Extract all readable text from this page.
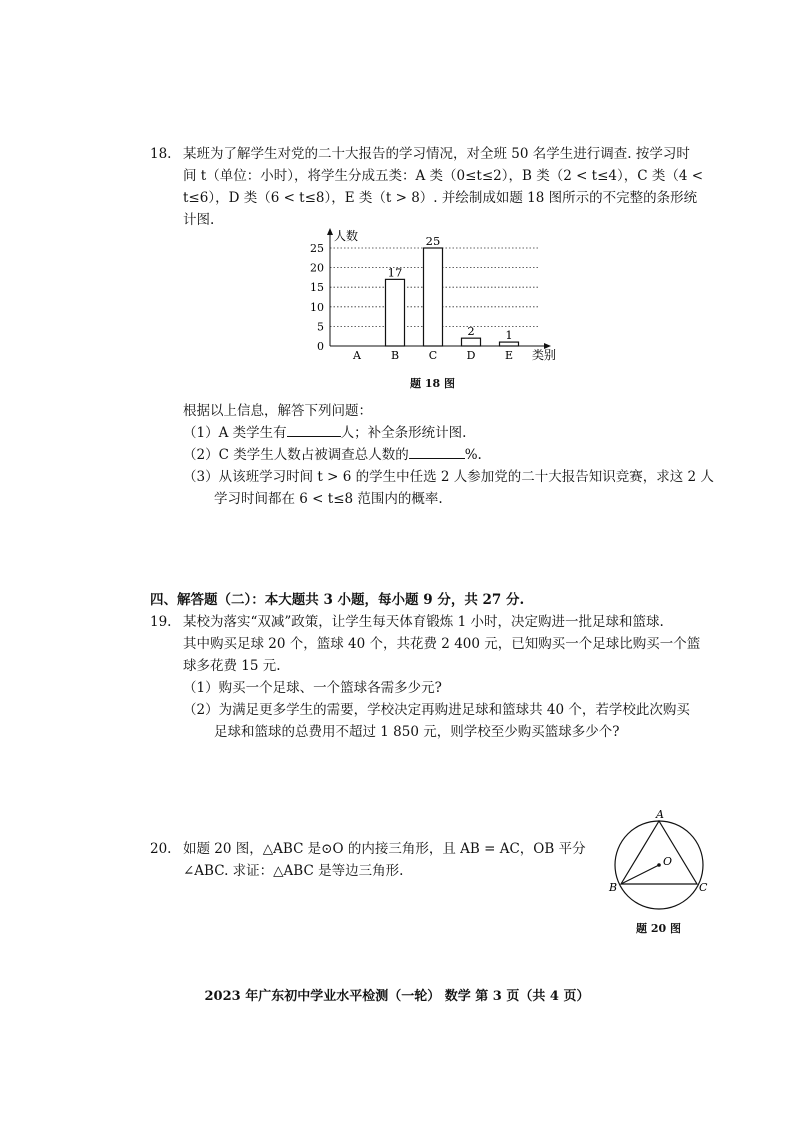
18. 某班为了解学生对党的二十大报告的学习情况，对全班 50 名学生进行调查. 按学习时
间 t（单位：小时），将学生分成五类：A 类（0≤t≤2），B 类（2 < t≤4），C 类（4 <
t≤6），D 类（6 < t≤8），E 类（t > 8）. 并绘制成如题 18 图所示的不完整的条形统
计图.
0
5
10
15
20
25
人数
类别
A
17
B
25
C
2
D
1
E
题 18 图
根据以上信息，解答下列问题：
（1）A 类学生有	人；补全条形统计图.
（2）C 类学生人数占被调查总人数的	%.
（3）从该班学习时间 t > 6 的学生中任选 2 人参加党的二十大报告知识竞赛，求这 2 人
学习时间都在 6 < t≤8 范围内的概率.
四、解答题（二）：本大题共 3 小题，每小题 9 分，共 27 分.
19. 某校为落实“双减”政策，让学生每天体育锻炼 1 小时，决定购进一批足球和篮球.
其中购买足球 20 个，篮球 40 个，共花费 2 400 元，已知购买一个足球比购买一个篮
球多花费 15 元.
（1）购买一个足球、一个篮球各需多少元?
（2）为满足更多学生的需要，学校决定再购进足球和篮球共 40 个，若学校此次购买
足球和篮球的总费用不超过 1 850 元，则学校至少购买篮球多少个?
20. 如题 20 图，△ABC 是⊙O 的内接三角形，且 AB = AC，OB 平分
∠ABC. 求证：△ABC 是等边三角形.
A
B	C
O
题 20 图
2023 年广东初中学业水平检测（一轮） 数学 第 3 页（共 4 页）
